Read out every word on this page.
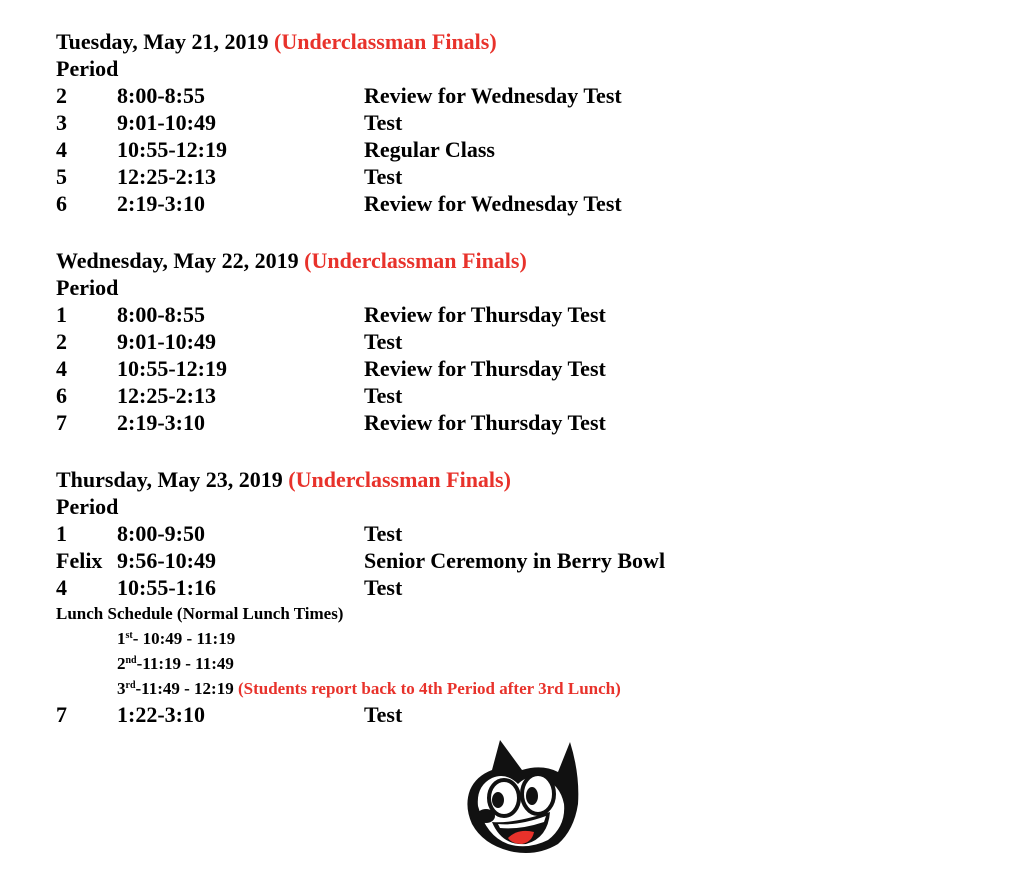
Tuesday, May 21, 2019 (Underclassman Finals)
Period
2 8:00-8:55	Review for Wednesday Test
3 9:01-10:49	Test
4 10:55-12:19	Regular Class
5 12:25-2:13	Test
6 2:19-3:10	Review for Wednesday Test
Wednesday, May 22, 2019 (Underclassman Finals)
Period
1 8:00-8:55	Review for Thursday Test
2 9:01-10:49	Test
4 10:55-12:19	Review for Thursday Test
6 12:25-2:13	Test
7 2:19-3:10	Review for Thursday Test
Thursday, May 23, 2019 (Underclassman Finals)
Period
1 8:00-9:50	Test
Felix 9:56-10:49	Senior Ceremony in Berry Bowl
4 10:55-1:16	Test
Lunch Schedule (Normal Lunch Times)
1st- 10:49 - 11:19
2nd-11:19 - 11:49
3rd-11:49 - 12:19 (Students report back to 4th Period after 3rd Lunch)
7 1:22-3:10	Test
